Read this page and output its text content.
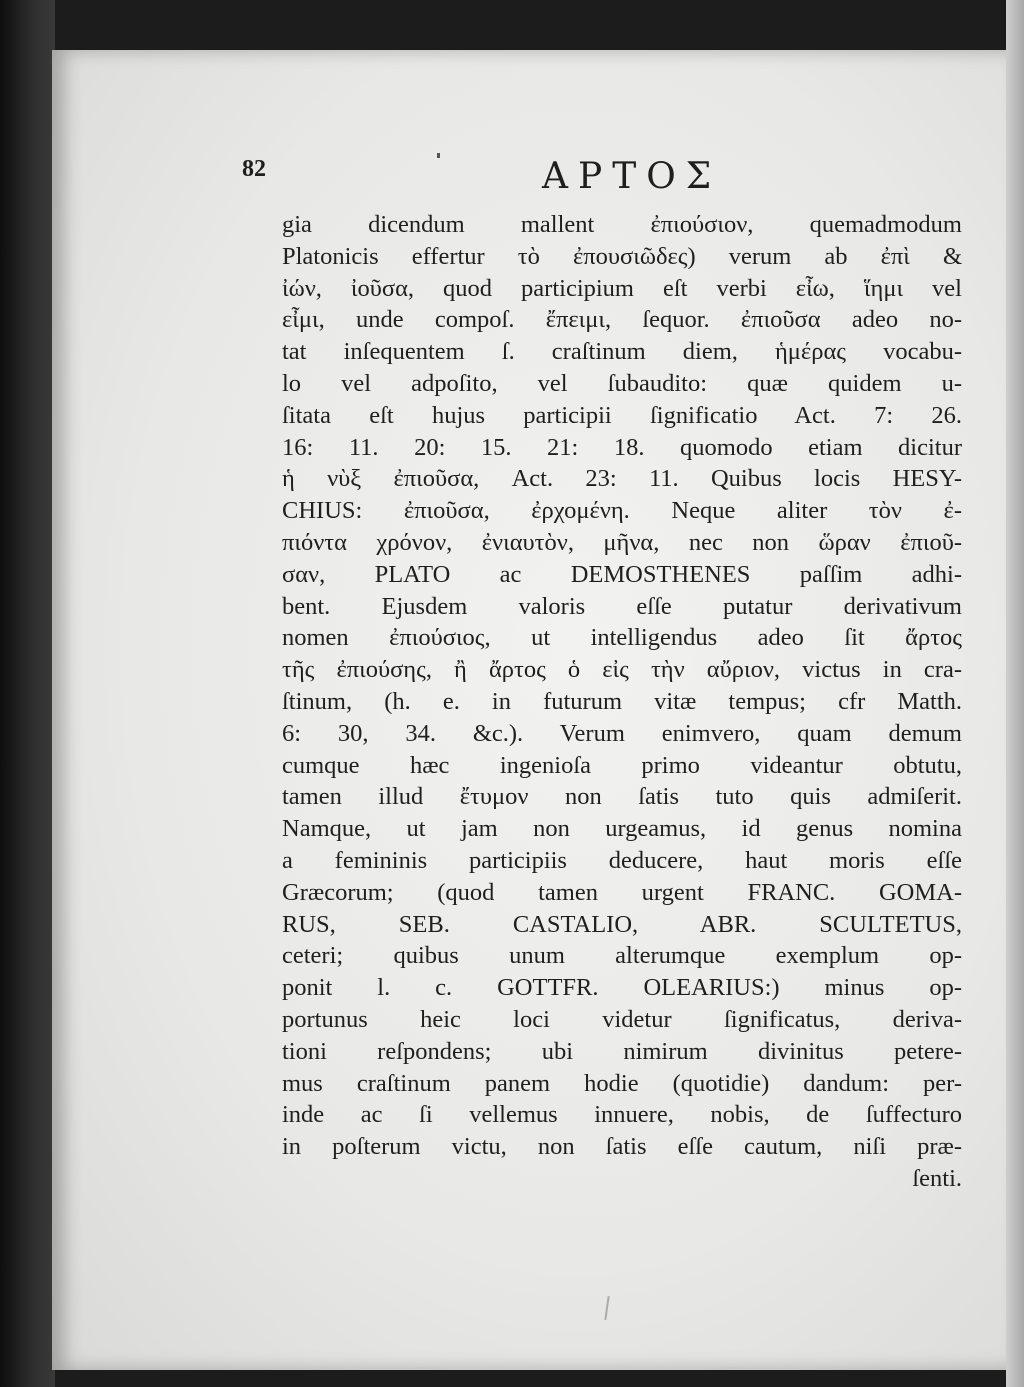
82	ΑΡΤΟΣ
gia dicendum mallent ἐπιούσιον, quemadmodum
Platonicis effertur τὸ ἐπουσιῶδες) verum ab ἐπὶ &
ἰών, ἰοῦσα, quod participium eſt verbi εἶω, ἵημι vel
εἶμι, unde compoſ. ἔπειμι, ſequor. ἐπιοῦσα adeo no-
tat inſequentem ſ. craſtinum diem, ἡμέρας vocabu-
lo vel adpoſito, vel ſubaudito: quæ quidem u-
ſitata eſt hujus participii ſignificatio Act. 7: 26.
16: 11. 20: 15. 21: 18. quomodo etiam dicitur
ἡ νὺξ ἐπιοῦσα, Act. 23: 11. Quibus locis HESY-
CHIUS: ἐπιοῦσα, ἐρχομένη. Neque aliter τὸν ἐ-
πιόντα χρόνον, ἐνιαυτὸν, μῆνα, nec non ὥραν ἐπιοῦ-
σαν, PLATO ac DEMOSTHENES paſſim adhi-
bent. Ejusdem valoris eſſe putatur derivativum
nomen ἐπιούσιος, ut intelligendus adeo ſit ἄρτος
τῆς ἐπιούσης, ἢ ἄρτος ὁ εἰς τὴν αὔριον, victus in cra-
ſtinum, (h. e. in futurum vitæ tempus; cfr Matth.
6: 30, 34. &c.). Verum enimvero, quam demum
cumque hæc ingenioſa primo videantur obtutu,
tamen illud ἔτυμον non ſatis tuto quis admiſerit.
Namque, ut jam non urgeamus, id genus nomina
a femininis participiis deducere, haut moris eſſe
Græcorum; (quod tamen urgent FRANC. GOMA-
RUS, SEB. CASTALIO, ABR. SCULTETUS,
ceteri; quibus unum alterumque exemplum op-
ponit l. c. GOTTFR. OLEARIUS:) minus op-
portunus heic loci videtur ſignificatus, deriva-
tioni reſpondens; ubi nimirum divinitus petere-
mus craſtinum panem hodie (quotidie) dandum: per-
inde ac ſi vellemus innuere, nobis, de ſuffecturo
in poſterum victu, non ſatis eſſe cautum, niſi præ-
ſenti.
